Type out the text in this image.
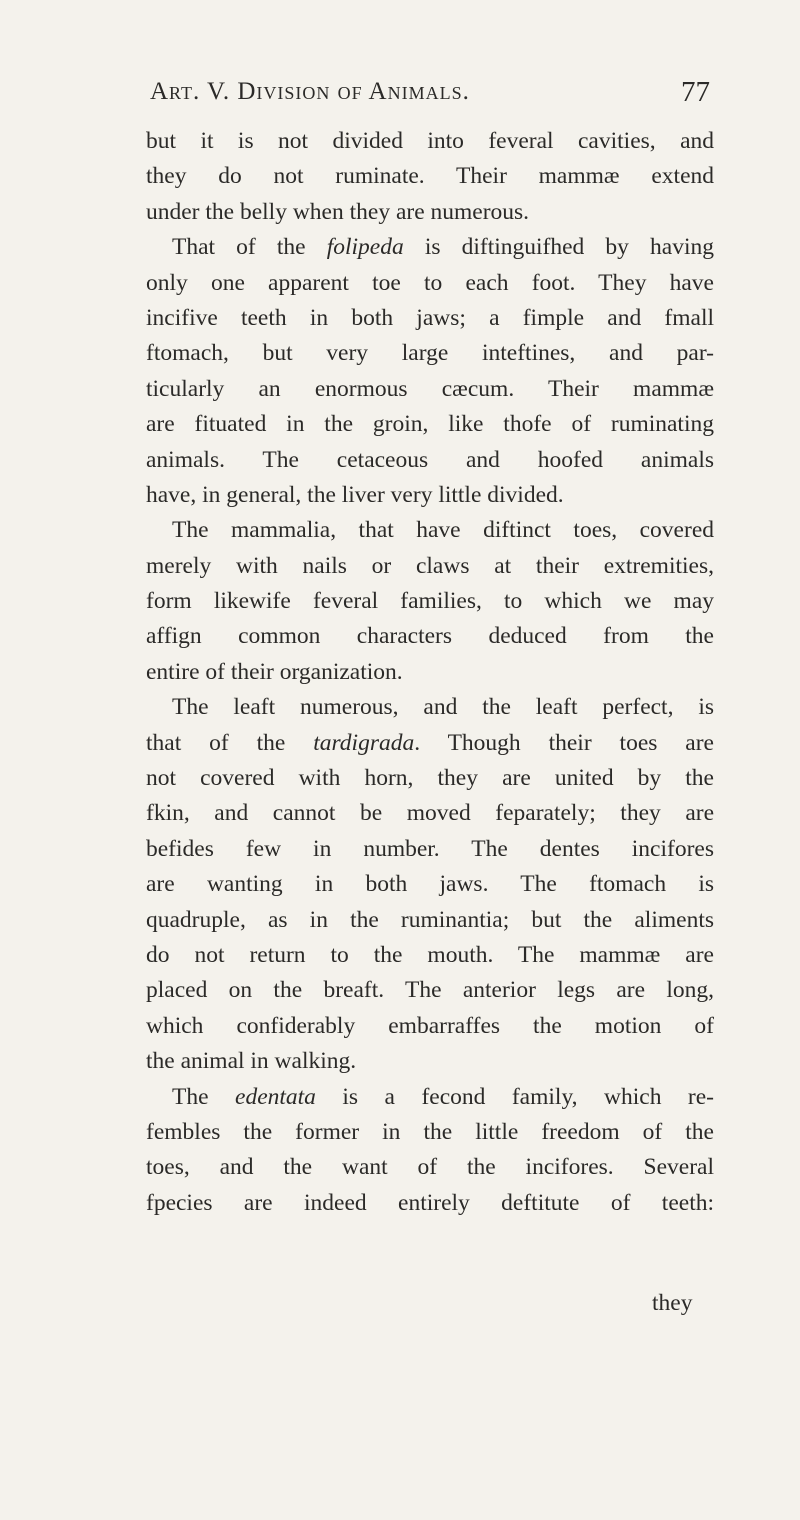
Art. V. Division of Animals.	77
but it is not divided into feveral cavities, and
they do not ruminate. Their mammæ extend
under the belly when they are numerous.
That of the folipeda is diftinguifhed by having
only one apparent toe to each foot. They have
incifive teeth in both jaws; a fimple and fmall
ftomach, but very large inteftines, and par-
ticularly an enormous cæcum. Their mammæ
are fituated in the groin, like thofe of ruminating
animals. The cetaceous and hoofed animals
have, in general, the liver very little divided.
The mammalia, that have diftinct toes, covered
merely with nails or claws at their extremities,
form likewife feveral families, to which we may
affign common characters deduced from the
entire of their organization.
The leaft numerous, and the leaft perfect, is
that of the tardigrada. Though their toes are
not covered with horn, they are united by the
fkin, and cannot be moved feparately; they are
befides few in number. The dentes incifores
are wanting in both jaws. The ftomach is
quadruple, as in the ruminantia; but the aliments
do not return to the mouth. The mammæ are
placed on the breaft. The anterior legs are long,
which confiderably embarraffes the motion of
the animal in walking.
The edentata is a fecond family, which re-
fembles the former in the little freedom of the
toes, and the want of the incifores. Several
fpecies are indeed entirely deftitute of teeth:
they
